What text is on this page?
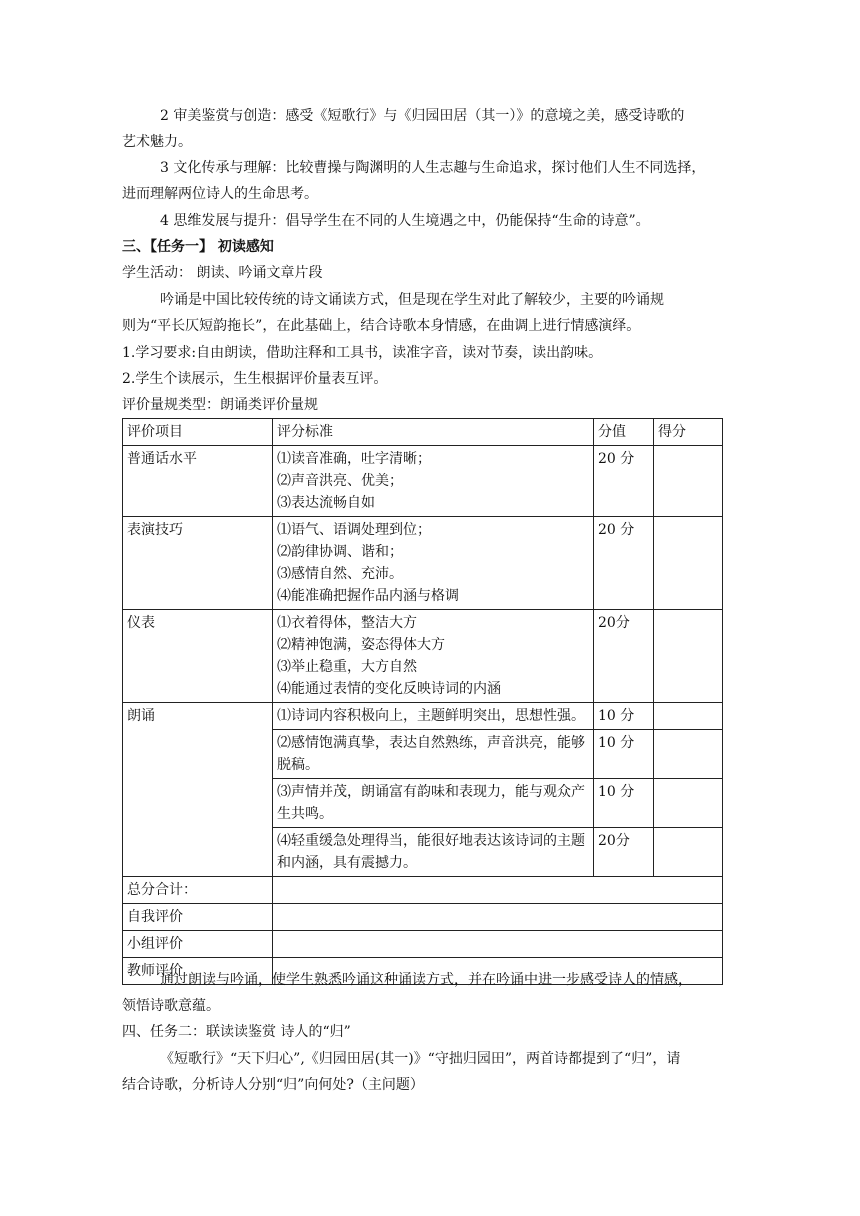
2 审美鉴赏与创造：感受《短歌行》与《归园田居（其一）》的意境之美，感受诗歌的
艺术魅力。
3 文化传承与理解：比较曹操与陶渊明的人生志趣与生命追求，探讨他们人生不同选择，
进而理解两位诗人的生命思考。
4 思维发展与提升：倡导学生在不同的人生境遇之中，仍能保持“生命的诗意”。
三、【任务一】 初读感知
学生活动： 朗读、吟诵文章片段
吟诵是中国比较传统的诗文诵读方式，但是现在学生对此了解较少，主要的吟诵规
则为“平长仄短韵拖长”，在此基础上，结合诗歌本身情感，在曲调上进行情感演绎。
1.学习要求:自由朗读，借助注释和工具书，读准字音，读对节奏，读出韵味。
2.学生个读展示，生生根据评价量表互评。
评价量规类型：朗诵类评价量规
评价项目	评分标准	分值	得分
普通话水平	⑴读音准确，吐字清晰；
⑵声音洪亮、优美；
⑶表达流畅自如	20 分	
表演技巧	⑴语气、语调处理到位；
⑵韵律协调、谐和；
⑶感情自然、充沛。
⑷能准确把握作品内涵与格调	20 分	
仪表	⑴衣着得体，整洁大方
⑵精神饱满，姿态得体大方
⑶举止稳重，大方自然
⑷能通过表情的变化反映诗词的内涵	20分	
朗诵	⑴诗词内容积极向上，主题鲜明突出，思想性强。	10 分	
	⑵感情饱满真挚，表达自然熟练，声音洪亮，能够脱稿。	10 分	
	⑶声情并茂，朗诵富有韵味和表现力，能与观众产生共鸣。	10 分	
	⑷轻重缓急处理得当，能很好地表达该诗词的主题和内涵，具有震撼力。	20分	
总分合计：			
自我评价			
小组评价			
教师评价			
通过朗读与吟诵，使学生熟悉吟诵这种诵读方式，并在吟诵中进一步感受诗人的情感，
领悟诗歌意蕴。
四、任务二：联读读鉴赏 诗人的“归”
《短歌行》“天下归心”,《归园田居(其一)》“守拙归园田”，两首诗都提到了“归”，请
结合诗歌，分析诗人分别“归”向何处?（主问题）
